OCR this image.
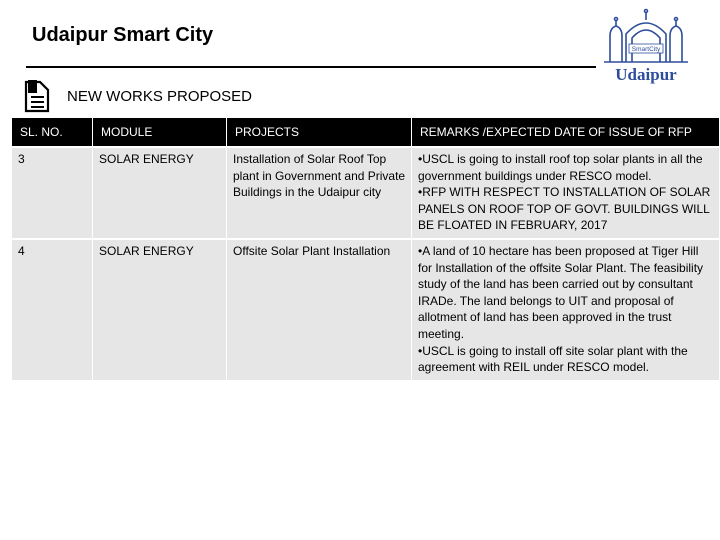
Udaipur Smart City
SmartCity
Udaipur
NEW WORKS PROPOSED
SL. NO.	MODULE	PROJECTS	REMARKS /EXPECTED DATE OF ISSUE OF RFP
3	SOLAR ENERGY	Installation of Solar Roof Top plant in Government and Private Buildings in the Udaipur city	•USCL is going to install roof top solar plants in all the government buildings under RESCO model.
•RFP WITH RESPECT TO INSTALLATION OF SOLAR PANELS ON ROOF TOP OF GOVT. BUILDINGS WILL BE FLOATED IN FEBRUARY, 2017

4	SOLAR ENERGY	Offsite Solar Plant Installation	•A land of 10 hectare has been proposed at Tiger Hill for Installation of the offsite Solar Plant. The feasibility study of the land has been carried out by consultant IRADe. The land belongs to UIT and proposal of allotment of land has been approved in the trust meeting.
•USCL is going to install off site solar plant with the agreement with REIL under RESCO model.
